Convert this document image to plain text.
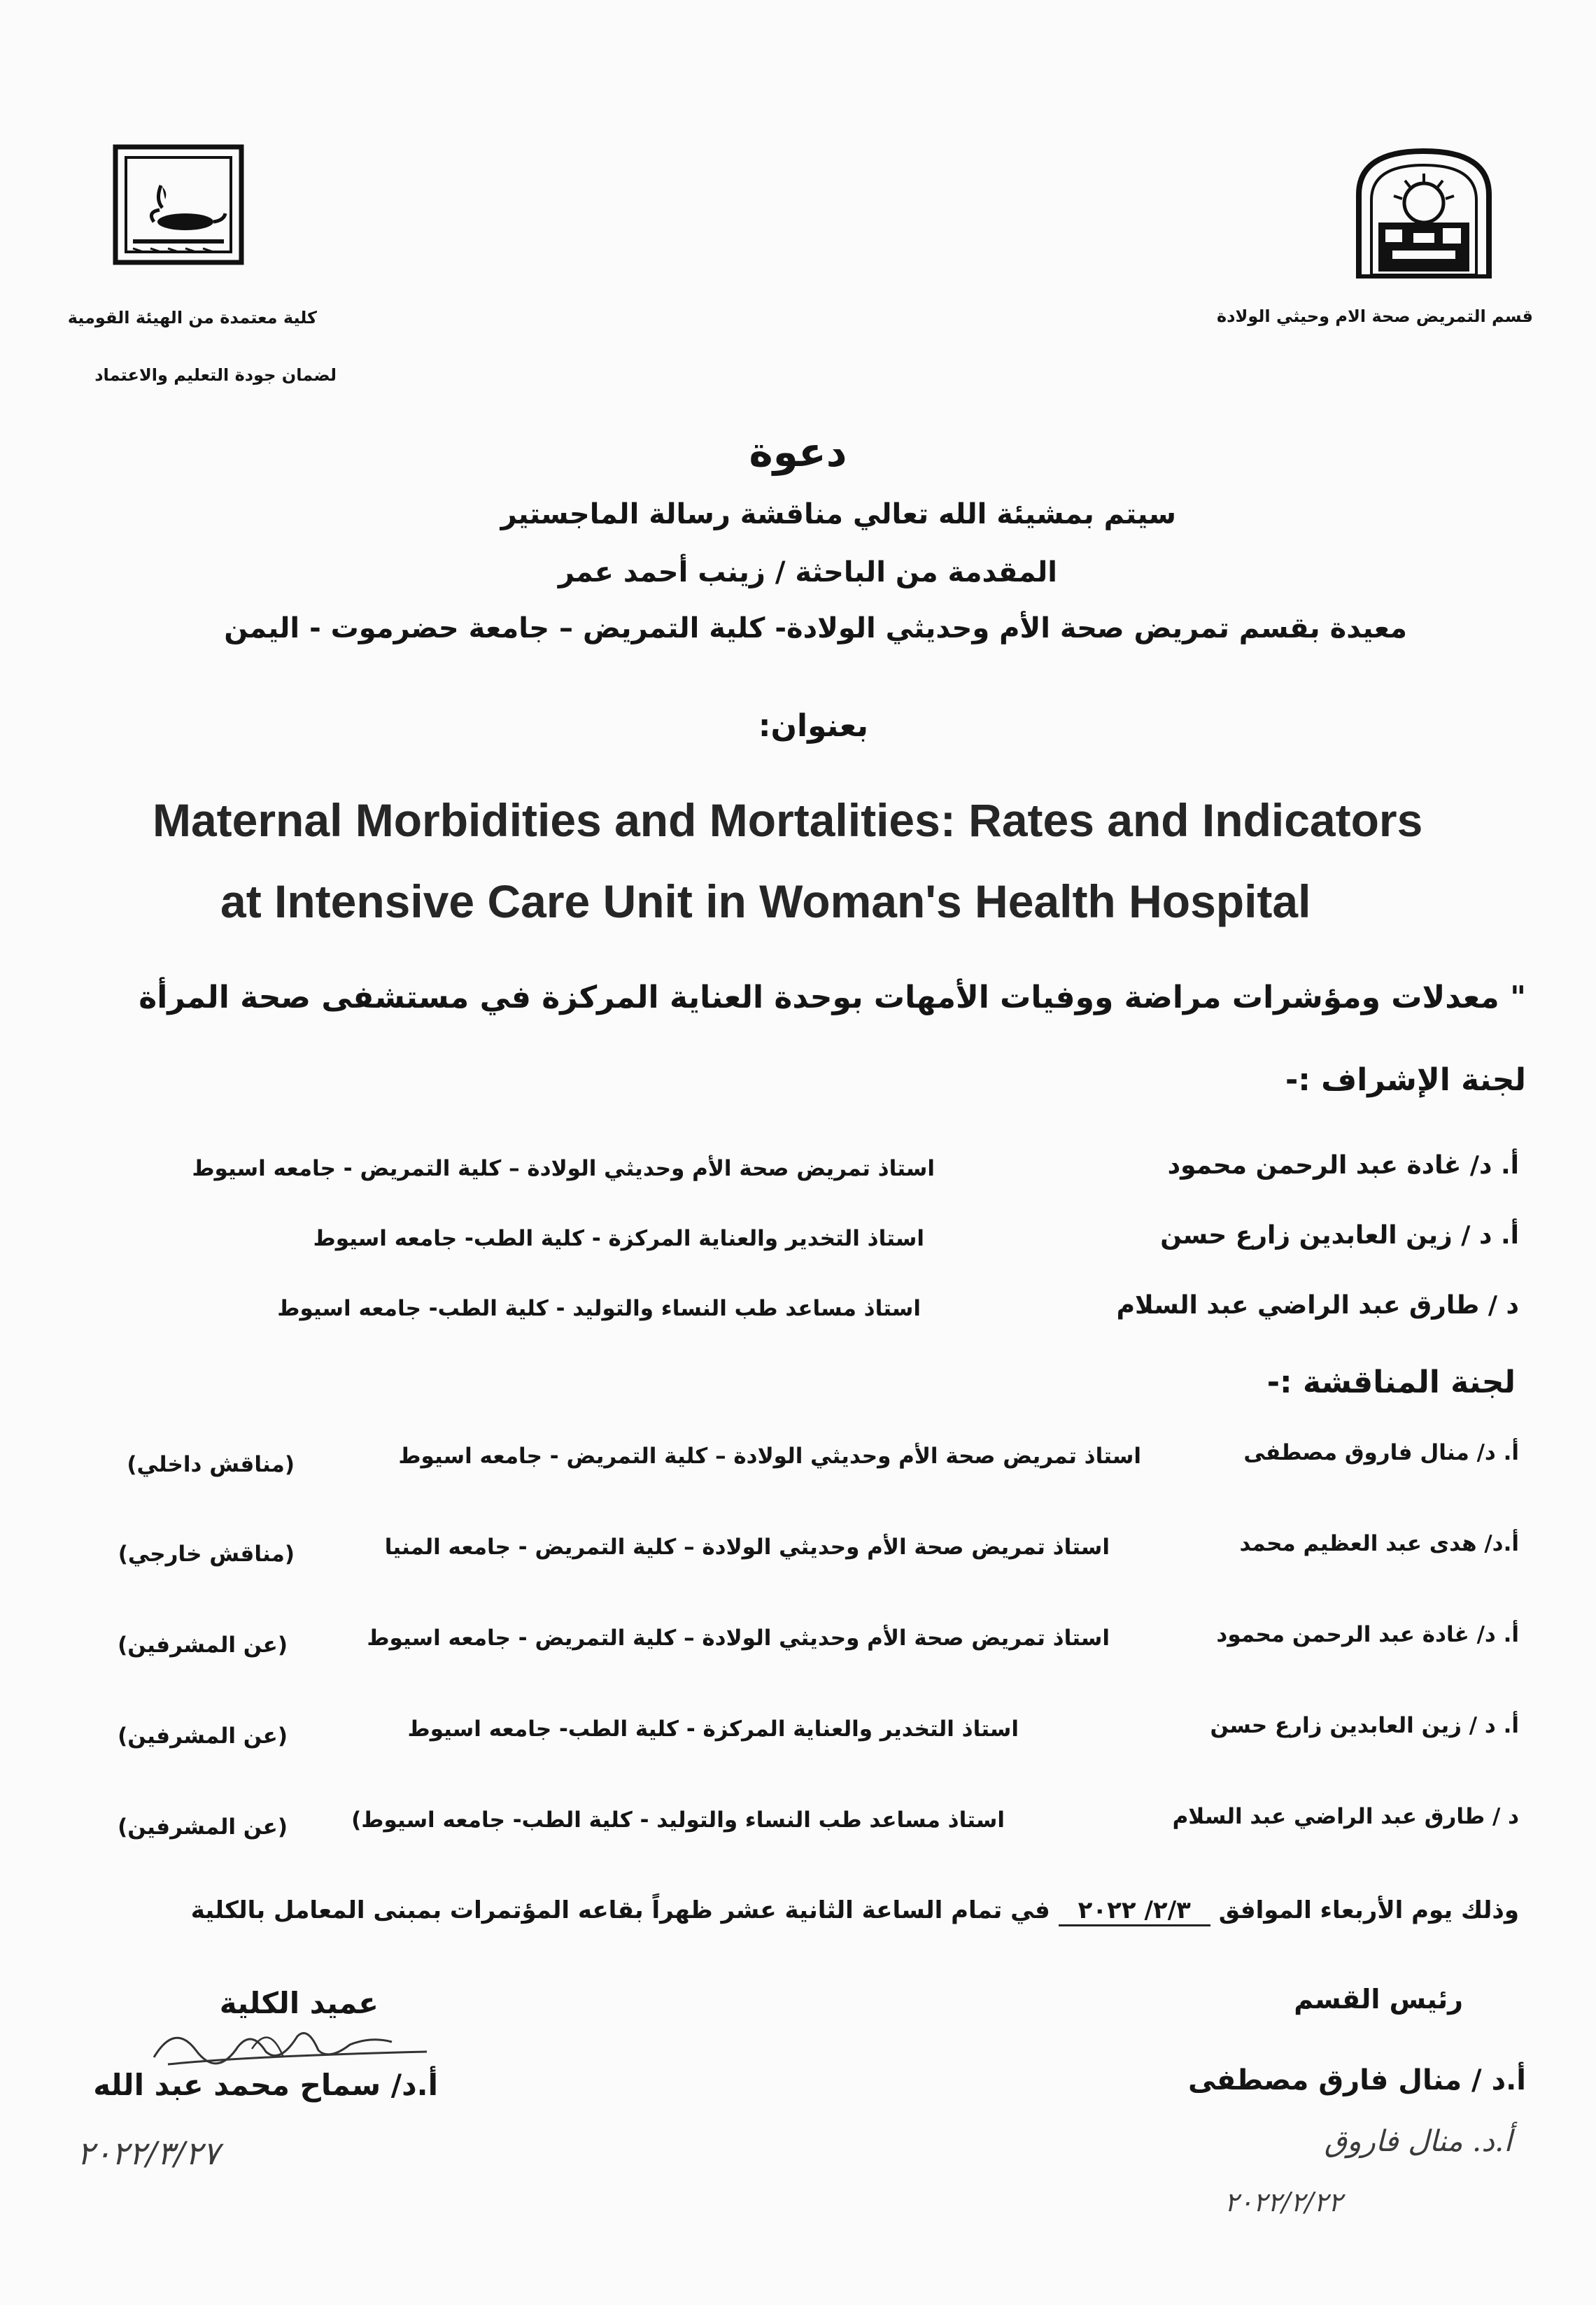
قسم التمريض صحة الام وحيثي الولادة
كلية معتمدة من الهيئة القومية
لضمان جودة التعليم والاعتماد
دعوة
سيتم بمشيئة الله تعالي مناقشة رسالة الماجستير
المقدمة من الباحثة / زينب أحمد عمر
معيدة بقسم تمريض صحة الأم وحديثي الولادة- كلية التمريض – جامعة حضرموت - اليمن
بعنوان:
Maternal Morbidities and Mortalities: Rates and Indicators
at Intensive Care Unit in Woman's Health Hospital
" معدلات ومؤشرات مراضة ووفيات الأمهات بوحدة العناية المركزة في مستشفى صحة المرأة
لجنة الإشراف :-
أ. د/ غادة عبد الرحمن محمود
استاذ تمريض صحة الأم وحديثي الولادة – كلية التمريض - جامعه اسيوط
أ. د / زين العابدين زارع حسن
استاذ التخدير والعناية المركزة - كلية الطب- جامعه اسيوط
د / طارق عبد الراضي عبد السلام
استاذ مساعد طب النساء والتوليد - كلية الطب- جامعه اسيوط
لجنة المناقشة :-
أ. د/ منال فاروق مصطفى
استاذ تمريض صحة الأم وحديثي الولادة – كلية التمريض - جامعه اسيوط
(مناقش داخلي)
أ.د/ هدى عبد العظيم محمد
استاذ تمريض صحة الأم وحديثي الولادة – كلية التمريض - جامعه المنيا
(مناقش خارجي)
أ. د/ غادة عبد الرحمن محمود
استاذ تمريض صحة الأم وحديثي الولادة – كلية التمريض - جامعه اسيوط
(عن المشرفين)
أ. د / زين العابدين زارع حسن
استاذ التخدير والعناية المركزة - كلية الطب- جامعه اسيوط
(عن المشرفين)
د / طارق عبد الراضي عبد السلام
استاذ مساعد طب النساء والتوليد - كلية الطب- جامعه اسيوط)
(عن المشرفين)
وذلك يوم الأربعاء الموافق ٢/٣/ ٢٠٢٢ في تمام الساعة الثانية عشر ظهراً بقاعه المؤتمرات بمبنى المعامل بالكلية
رئيس القسم
أ.د / منال فارق مصطفى
أ.د. منال فاروق
٢٠٢٢/٢/٢٢
عميد الكلية
أ.د/ سماح محمد عبد الله
٢٠٢٢/٣/٢٧
